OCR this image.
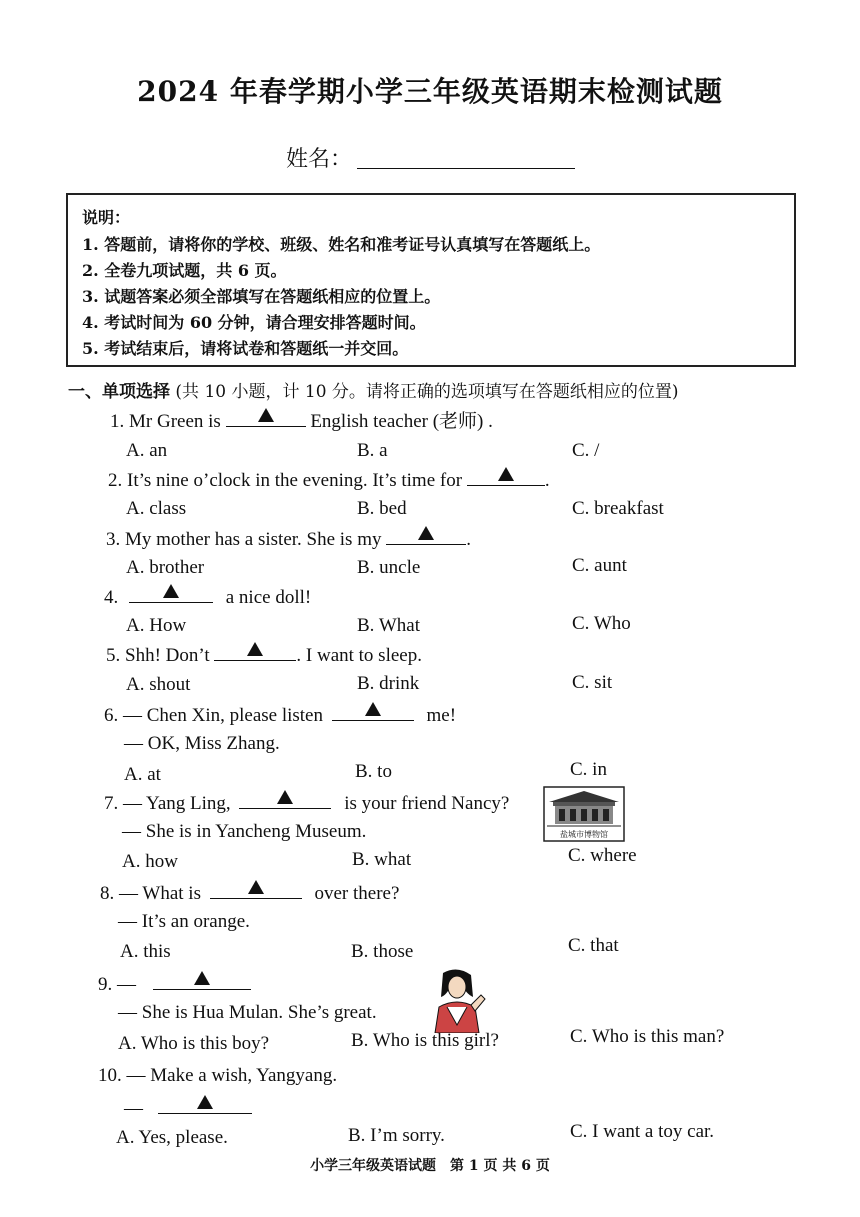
2024 年春学期小学三年级英语期末检测试题
姓名：
说明：
1. 答题前，请将你的学校、班级、姓名和准考证号认真填写在答题纸上。
2. 全卷九项试题，共 6 页。
3. 试题答案必须全部填写在答题纸相应的位置上。
4. 考试时间为 60 分钟，请合理安排答题时间。
5. 考试结束后，请将试卷和答题纸一并交回。
一、单项选择 (共 10 小题，计 10 分。请将正确的选项填写在答题纸相应的位置)
1. Mr Green is	English teacher (老师) .
A. an	B. a	C. /
2. It’s nine o’clock in the evening. It’s time for	.
A. class	B. bed	C. breakfast
3. My mother has a sister. She is my	.
A. brother	B. uncle	C. aunt
4.	a nice doll!
A. How	B. What	C. Who
5. Shh! Don’t	. I want to sleep.
A. shout	B. drink	C. sit
6. — Chen Xin, please listen	me!
— OK, Miss Zhang.
A. at	B. to	C. in
7. — Yang Ling,	is your friend Nancy?
— She is in Yancheng Museum.
A. how	B. what	C. where
盐城市博物馆
8. — What is	over there?
— It’s an orange.
A. this	B. those	C. that
9. —
— She is Hua Mulan. She’s great.
A. Who is this boy?	B. Who is this girl?	C. Who is this man?
10. — Make a wish, Yangyang.
—
A. Yes, please.	B. I’m sorry.	C. I want a toy car.
小学三年级英语试题　第 1 页 共 6 页
